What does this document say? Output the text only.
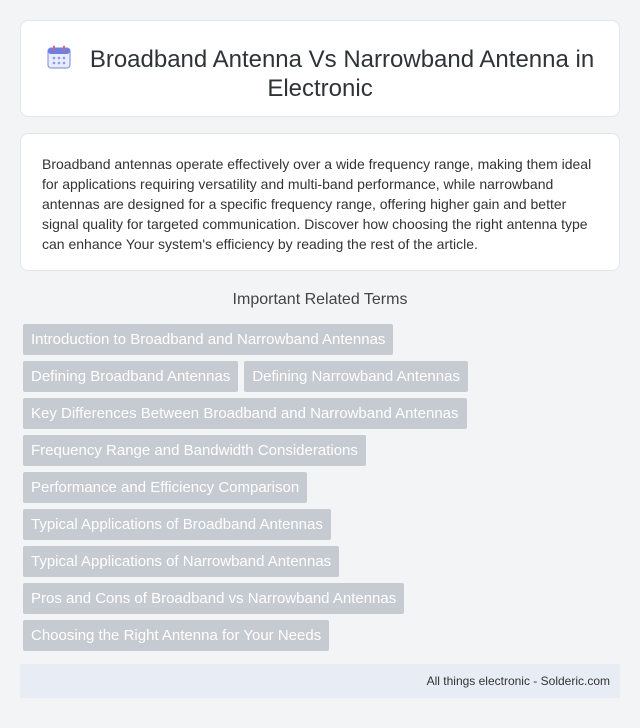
Broadband Antenna Vs Narrowband Antenna in Electronic

Broadband antennas operate effectively over a wide frequency range, making them ideal for applications requiring versatility and multi-band performance, while narrowband antennas are designed for a specific frequency range, offering higher gain and better signal quality for targeted communication. Discover how choosing the right antenna type can enhance Your system's efficiency by reading the rest of the article.

Important Related Terms
Introduction to Broadband and Narrowband Antennas
Defining Broadband Antennas Defining Narrowband Antennas
Key Differences Between Broadband and Narrowband Antennas
Frequency Range and Bandwidth Considerations
Performance and Efficiency Comparison
Typical Applications of Broadband Antennas
Typical Applications of Narrowband Antennas
Pros and Cons of Broadband vs Narrowband Antennas
Choosing the Right Antenna for Your Needs
All things electronic - Solderic.com
